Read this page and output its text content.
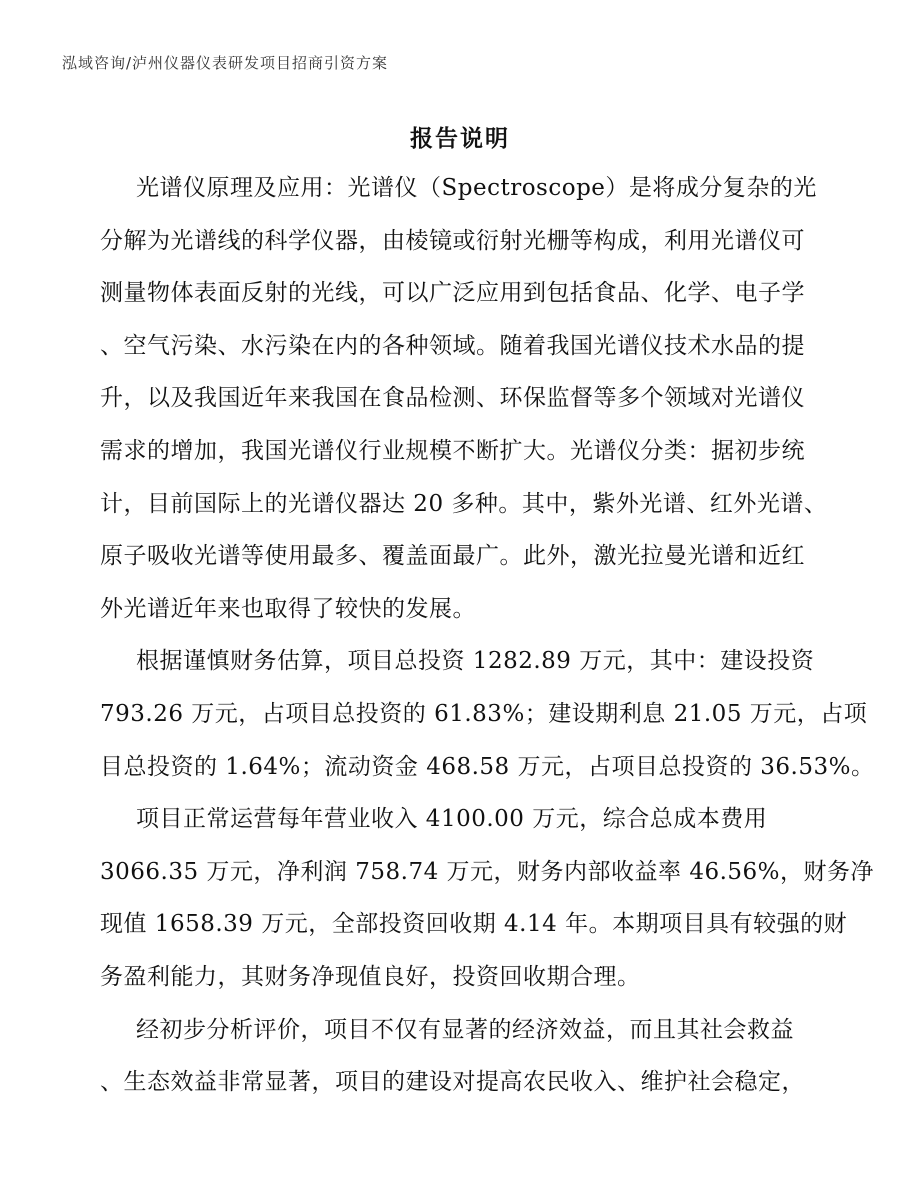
泓域咨询/泸州仪器仪表研发项目招商引资方案
报告说明
光谱仪原理及应用：光谱仪（Spectroscope）是将成分复杂的光
分解为光谱线的科学仪器，由棱镜或衍射光栅等构成，利用光谱仪可
测量物体表面反射的光线，可以广泛应用到包括食品、化学、电子学
、空气污染、水污染在内的各种领域。随着我国光谱仪技术水品的提
升，以及我国近年来我国在食品检测、环保监督等多个领域对光谱仪
需求的增加，我国光谱仪行业规模不断扩大。光谱仪分类：据初步统
计，目前国际上的光谱仪器达 20 多种。其中，紫外光谱、红外光谱、
原子吸收光谱等使用最多、覆盖面最广。此外，激光拉曼光谱和近红
外光谱近年来也取得了较快的发展。
根据谨慎财务估算，项目总投资 1282.89 万元，其中：建设投资
793.26 万元，占项目总投资的 61.83%；建设期利息 21.05 万元，占项
目总投资的 1.64%；流动资金 468.58 万元，占项目总投资的 36.53%。
项目正常运营每年营业收入 4100.00 万元，综合总成本费用
3066.35 万元，净利润 758.74 万元，财务内部收益率 46.56%，财务净
现值 1658.39 万元，全部投资回收期 4.14 年。本期项目具有较强的财
务盈利能力，其财务净现值良好，投资回收期合理。
经初步分析评价，项目不仅有显著的经济效益，而且其社会救益
、生态效益非常显著，项目的建设对提高农民收入、维护社会稳定，
